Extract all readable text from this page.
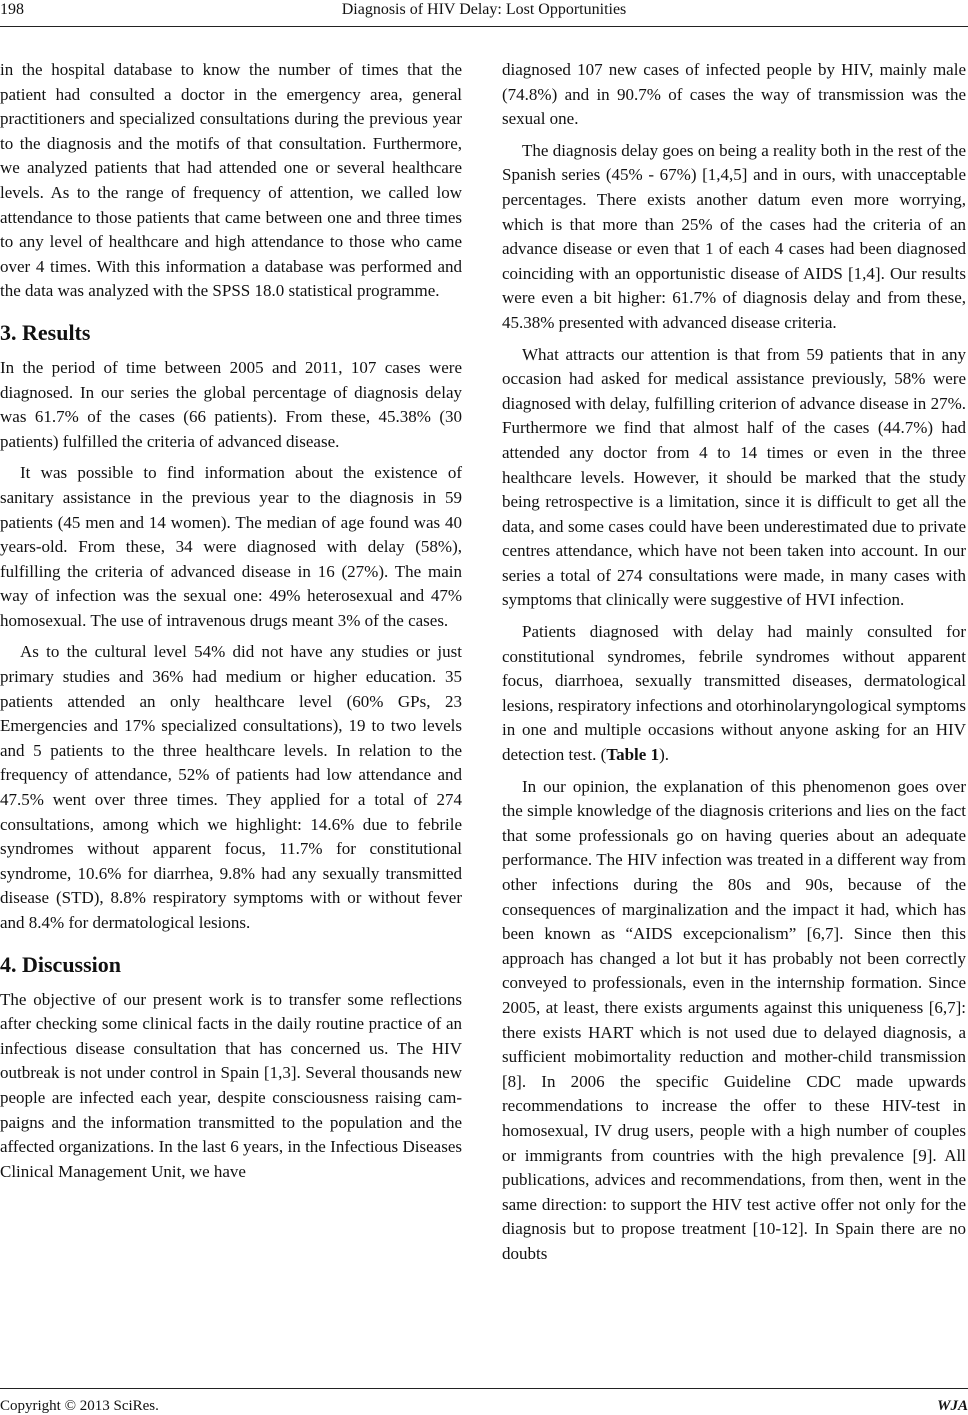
198	Diagnosis of HIV Delay: Lost Opportunities

in the hospital database to know the number of times that the patient had consulted a doctor in the emergency area, general practitioners and specialized consultations during the previous year to the diagnosis and the motifs of that consultation. Furthermore, we analyzed patients that had attended one or several healthcare levels. As to the range of frequency of attention, we called low attendance to those patients that came between one and three times to any level of healthcare and high attendance to those who came over 4 times. With this information a database was performed and the data was analyzed with the SPSS 18.0 statistical programme.

3. Results

In the period of time between 2005 and 2011, 107 cases were diagnosed. In our series the global percentage of diagnosis delay was 61.7% of the cases (66 patients). From these, 45.38% (30 patients) fulfilled the criteria of advanced disease.

It was possible to find information about the existence of sanitary assistance in the previous year to the diagnosis in 59 patients (45 men and 14 women). The median of age found was 40 years-old. From these, 34 were diagnosed with delay (58%), fulfilling the criteria of advanced disease in 16 (27%). The main way of infection was the sexual one: 49% heterosexual and 47% homosexual. The use of intravenous drugs meant 3% of the cases.

As to the cultural level 54% did not have any studies or just primary studies and 36% had medium or higher education. 35 patients attended an only healthcare level (60% GPs, 23 Emergencies and 17% specialized consultations), 19 to two levels and 5 patients to the three healthcare levels. In relation to the frequency of attendance, 52% of patients had low attendance and 47.5% went over three times. They applied for a total of 274 consultations, among which we highlight: 14.6% due to febrile syndromes without apparent focus, 11.7% for constitutional syndrome, 10.6% for diarrhea, 9.8% had any sexually transmitted disease (STD), 8.8% respiratory symptoms with or without fever and 8.4% for dermatological lesions.

4. Discussion

The objective of our present work is to transfer some reflections after checking some clinical facts in the daily routine practice of an infectious disease consultation that has concerned us. The HIV outbreak is not under control in Spain [1,3]. Several thousands new people are infected each year, despite consciousness raising campaigns and the information transmitted to the population and the affected organizations. In the last 6 years, in the Infectious Diseases Clinical Management Unit, we have

diagnosed 107 new cases of infected people by HIV, mainly male (74.8%) and in 90.7% of cases the way of transmission was the sexual one.

The diagnosis delay goes on being a reality both in the rest of the Spanish series (45% - 67%) [1,4,5] and in ours, with unacceptable percentages. There exists another datum even more worrying, which is that more than 25% of the cases had the criteria of an advance disease or even that 1 of each 4 cases had been diagnosed coinciding with an opportunistic disease of AIDS [1,4]. Our results were even a bit higher: 61.7% of diagnosis delay and from these, 45.38% presented with advanced disease criteria.

What attracts our attention is that from 59 patients that in any occasion had asked for medical assistance previously, 58% were diagnosed with delay, fulfilling criterion of advance disease in 27%. Furthermore we find that almost half of the cases (44.7%) had attended any doctor from 4 to 14 times or even in the three healthcare levels. However, it should be marked that the study being retrospective is a limitation, since it is difficult to get all the data, and some cases could have been underestimated due to private centres attendance, which have not been taken into account. In our series a total of 274 consultations were made, in many cases with symptoms that clinically were suggestive of HVI infection.

Patients diagnosed with delay had mainly consulted for constitutional syndromes, febrile syndromes without apparent focus, diarrhoea, sexually transmitted diseases, dermatological lesions, respiratory infections and otorhinolaryngological symptoms in one and multiple occasions without anyone asking for an HIV detection test. (Table 1).

In our opinion, the explanation of this phenomenon goes over the simple knowledge of the diagnosis criterions and lies on the fact that some professionals go on having queries about an adequate performance. The HIV infection was treated in a different way from other infections during the 80s and 90s, because of the consequences of marginalization and the impact it had, which has been known as “AIDS excepcionalism” [6,7]. Since then this approach has changed a lot but it has probably not been correctly conveyed to professionals, even in the internship formation. Since 2005, at least, there exists arguments against this uniqueness [6,7]: there exists HART which is not used due to delayed diagnosis, a sufficient mobimortality reduction and mother-child transmission [8]. In 2006 the specific Guideline CDC made upwards recommendations to increase the offer to these HIV-test in homosexual, IV drug users, people with a high number of couples or immigrants from countries with the high prevalence [9]. All publications, advices and recommendations, from then, went in the same direction: to support the HIV test active offer not only for the diagnosis but to propose treatment [10-12]. In Spain there are no doubts

Copyright © 2013 SciRes.	WJA
